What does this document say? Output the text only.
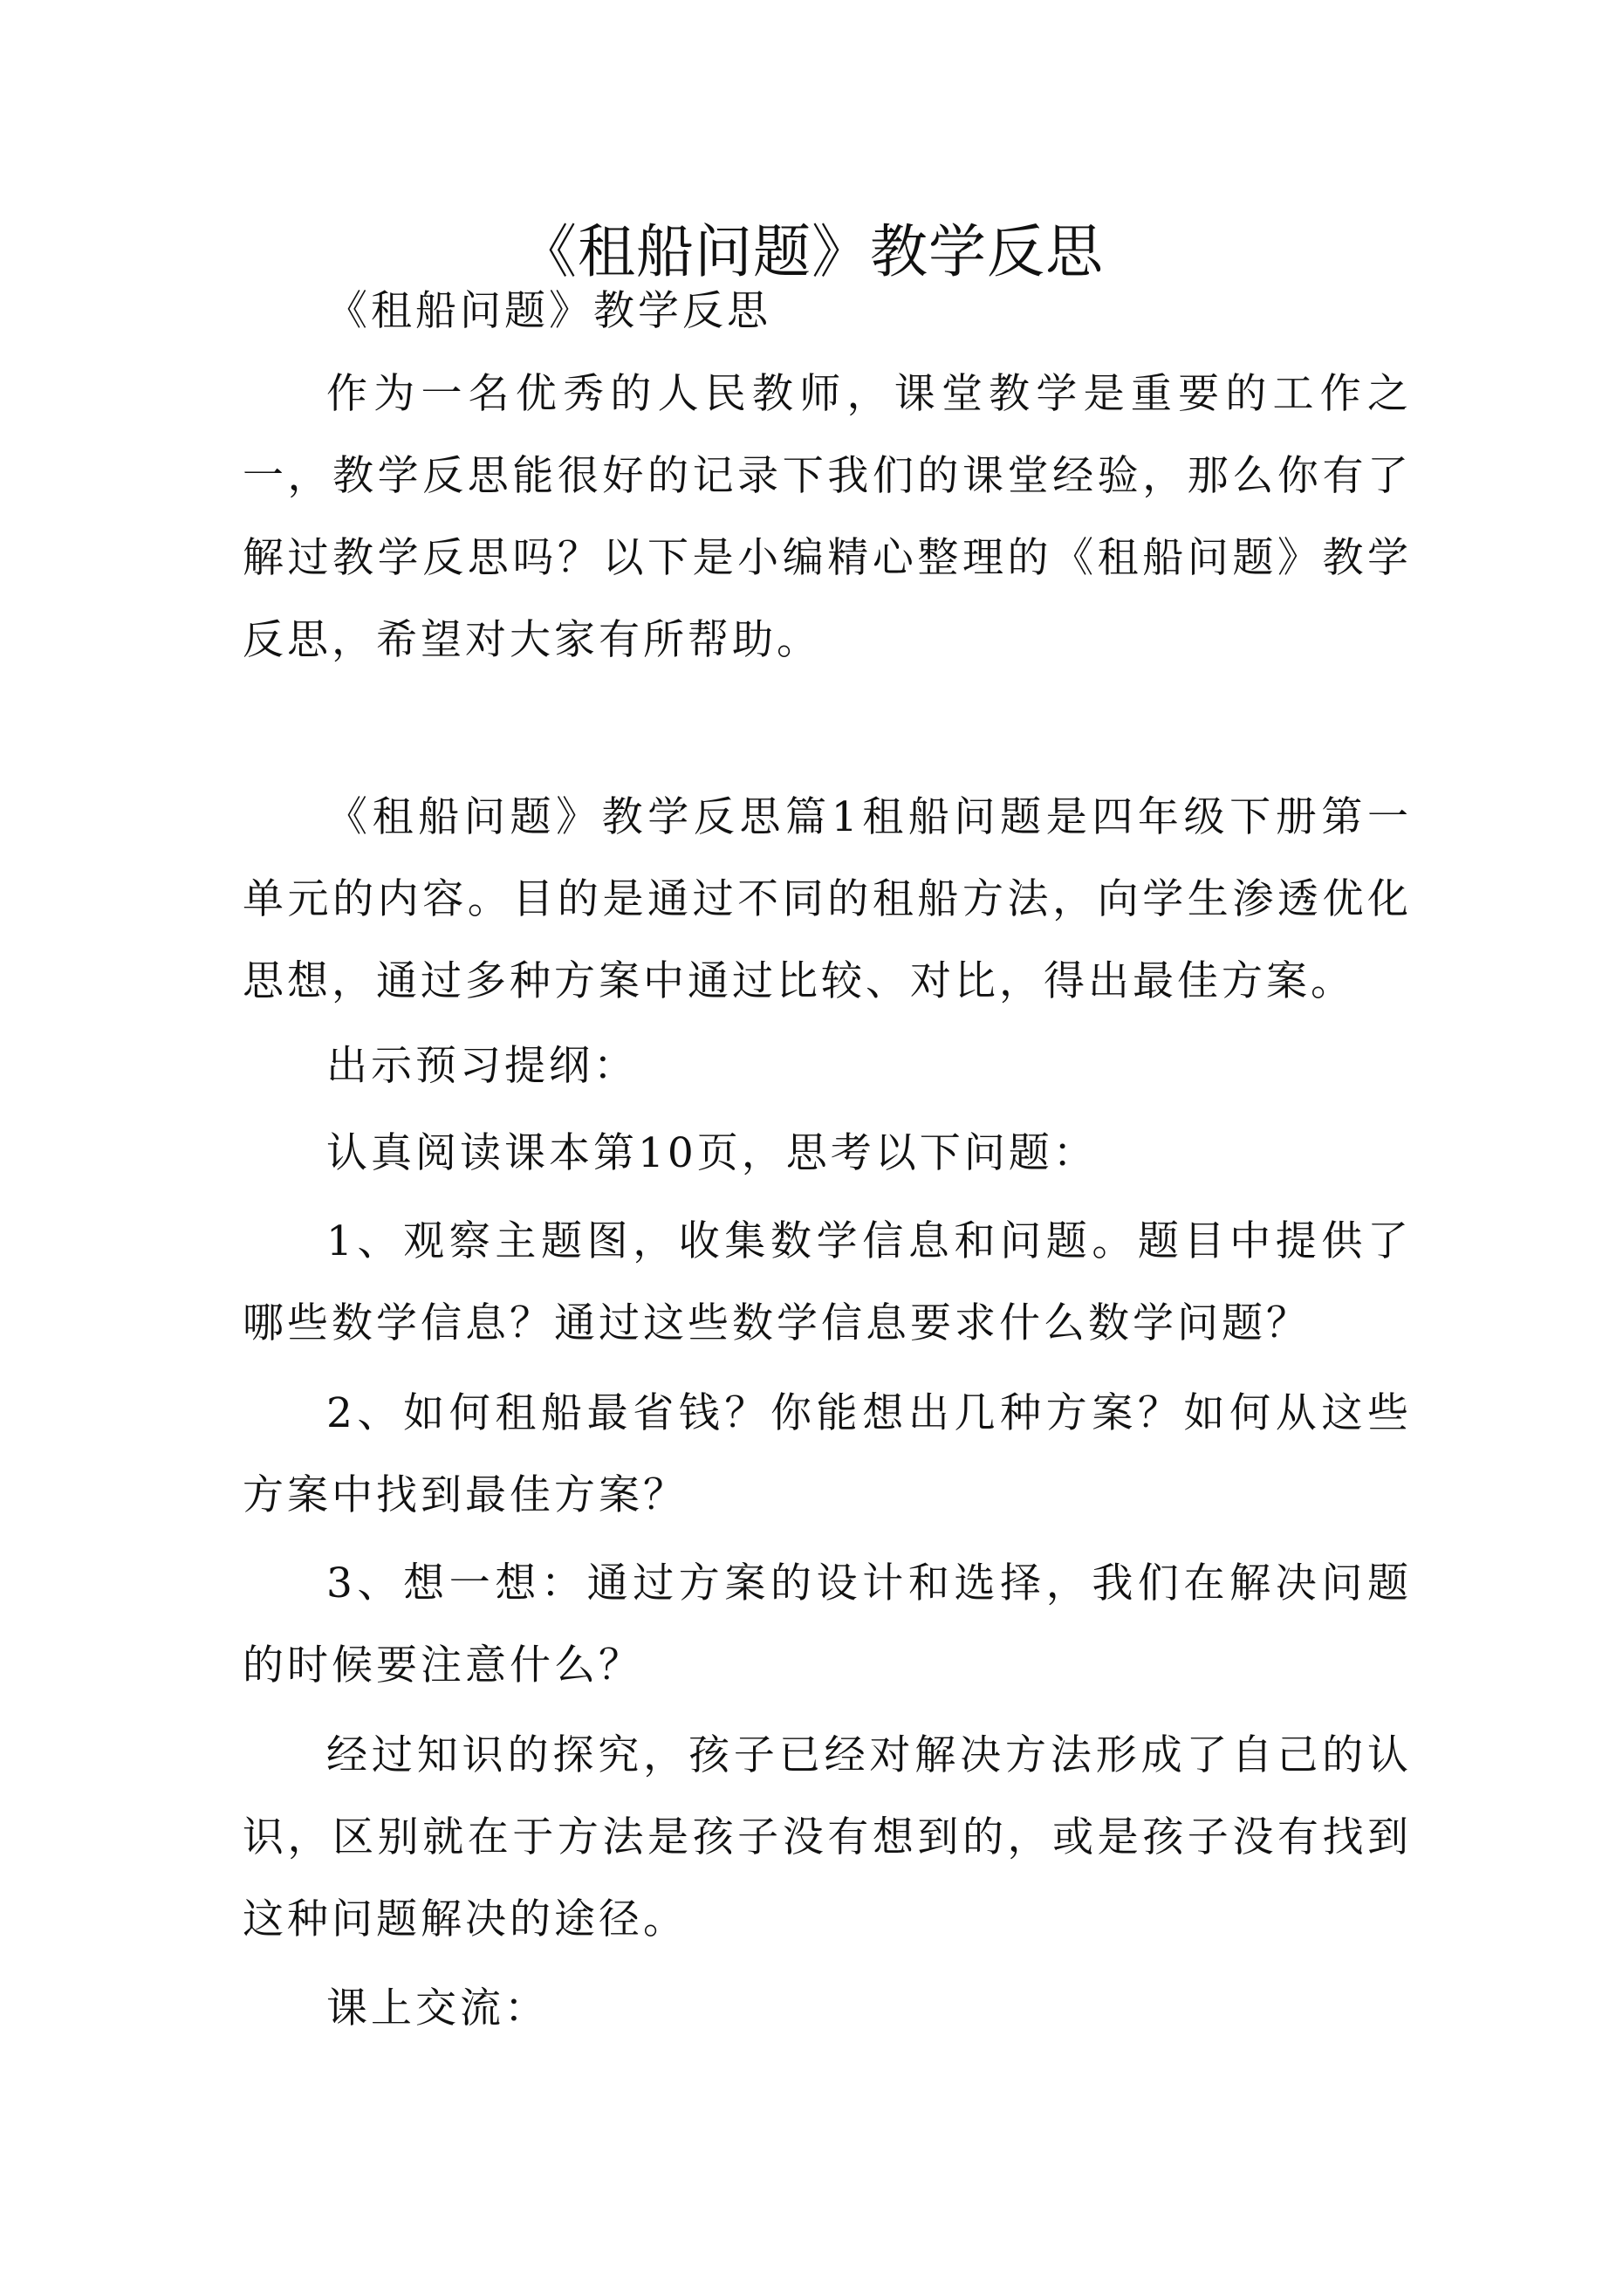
《租船问题》教学反思

《租船问题》教学反思

作为一名优秀的人民教师，课堂教学是重要的工作之一，教学反思能很好的记录下我们的课堂经验，那么你有了解过教学反思吗？以下是小编精心整理的《租船问题》教学反思，希望对大家有所帮助。

《租船问题》教学反思篇1租船问题是四年级下册第一单元的内容。目的是通过不同的租船方法，向学生渗透优化思想，通过多种方案中通过比较、对比，得出最佳方案。

出示预习提纲：

认真阅读课本第10页，思考以下问题：

1、观察主题图，收集数学信息和问题。题目中提供了哪些数学信息？通过这些数学信息要求什么数学问题？

2、如何租船最省钱？你能想出几种方案？如何从这些方案中找到最佳方案？

3、想一想：通过方案的设计和选择，我们在解决问题的时候要注意什么？

经过知识的探究，孩子已经对解决方法形成了自己的认识，区别就在于方法是孩子没有想到的，或是孩子没有找到这种问题解决的途径。

课上交流：
